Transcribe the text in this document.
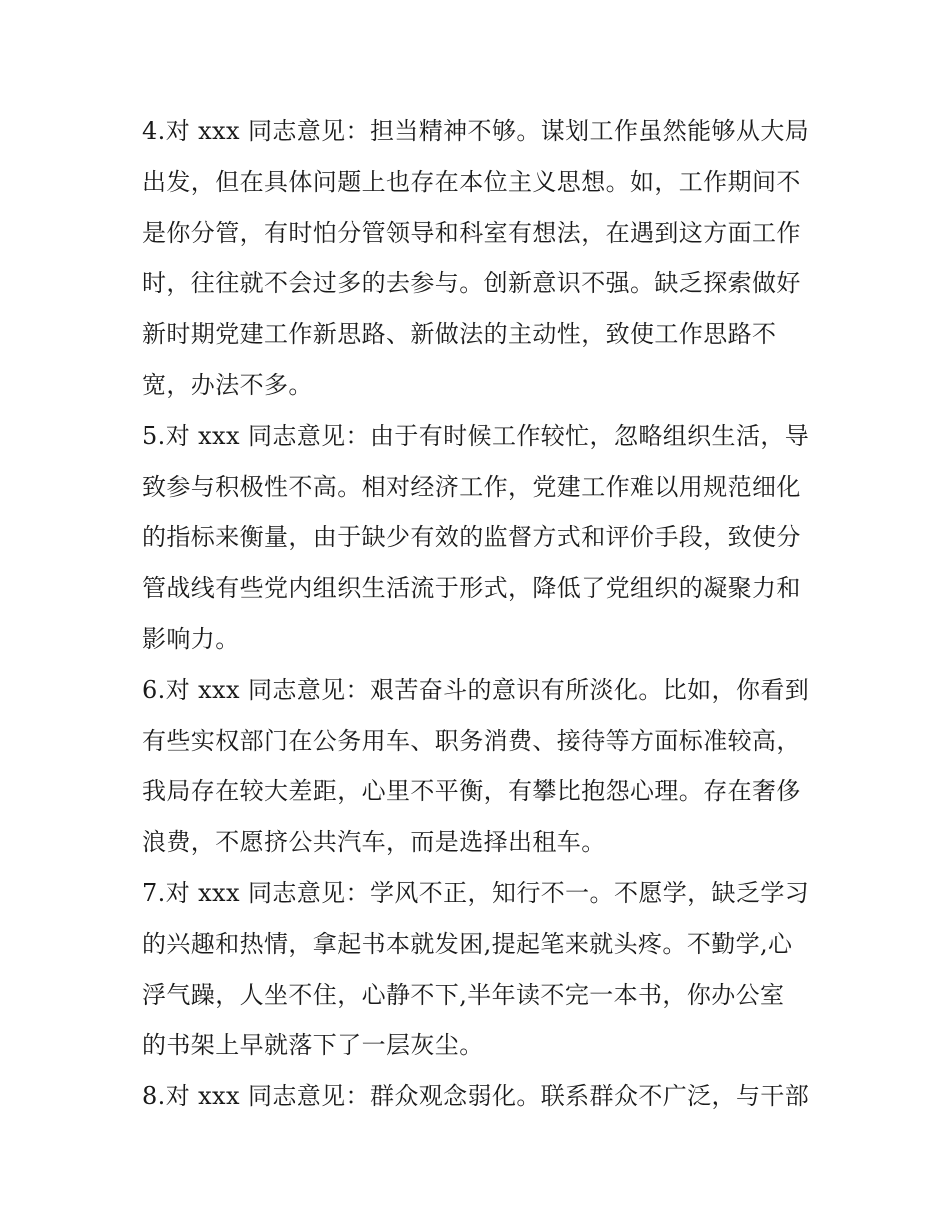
4.对 xxx 同志意见：担当精神不够。谋划工作虽然能够从大局
出发，但在具体问题上也存在本位主义思想。如，工作期间不
是你分管，有时怕分管领导和科室有想法，在遇到这方面工作
时，往往就不会过多的去参与。创新意识不强。缺乏探索做好
新时期党建工作新思路、新做法的主动性，致使工作思路不
宽，办法不多。
5.对 xxx 同志意见：由于有时候工作较忙，忽略组织生活，导
致参与积极性不高。相对经济工作，党建工作难以用规范细化
的指标来衡量，由于缺少有效的监督方式和评价手段，致使分
管战线有些党内组织生活流于形式，降低了党组织的凝聚力和
影响力。
6.对 xxx 同志意见：艰苦奋斗的意识有所淡化。比如，你看到
有些实权部门在公务用车、职务消费、接待等方面标准较高，
我局存在较大差距，心里不平衡，有攀比抱怨心理。存在奢侈
浪费，不愿挤公共汽车，而是选择出租车。
7.对 xxx 同志意见：学风不正，知行不一。不愿学，缺乏学习
的兴趣和热情，拿起书本就发困,提起笔来就头疼。不勤学,心
浮气躁，人坐不住，心静不下,半年读不完一本书，你办公室
的书架上早就落下了一层灰尘。
8.对 xxx 同志意见：群众观念弱化。联系群众不广泛，与干部
